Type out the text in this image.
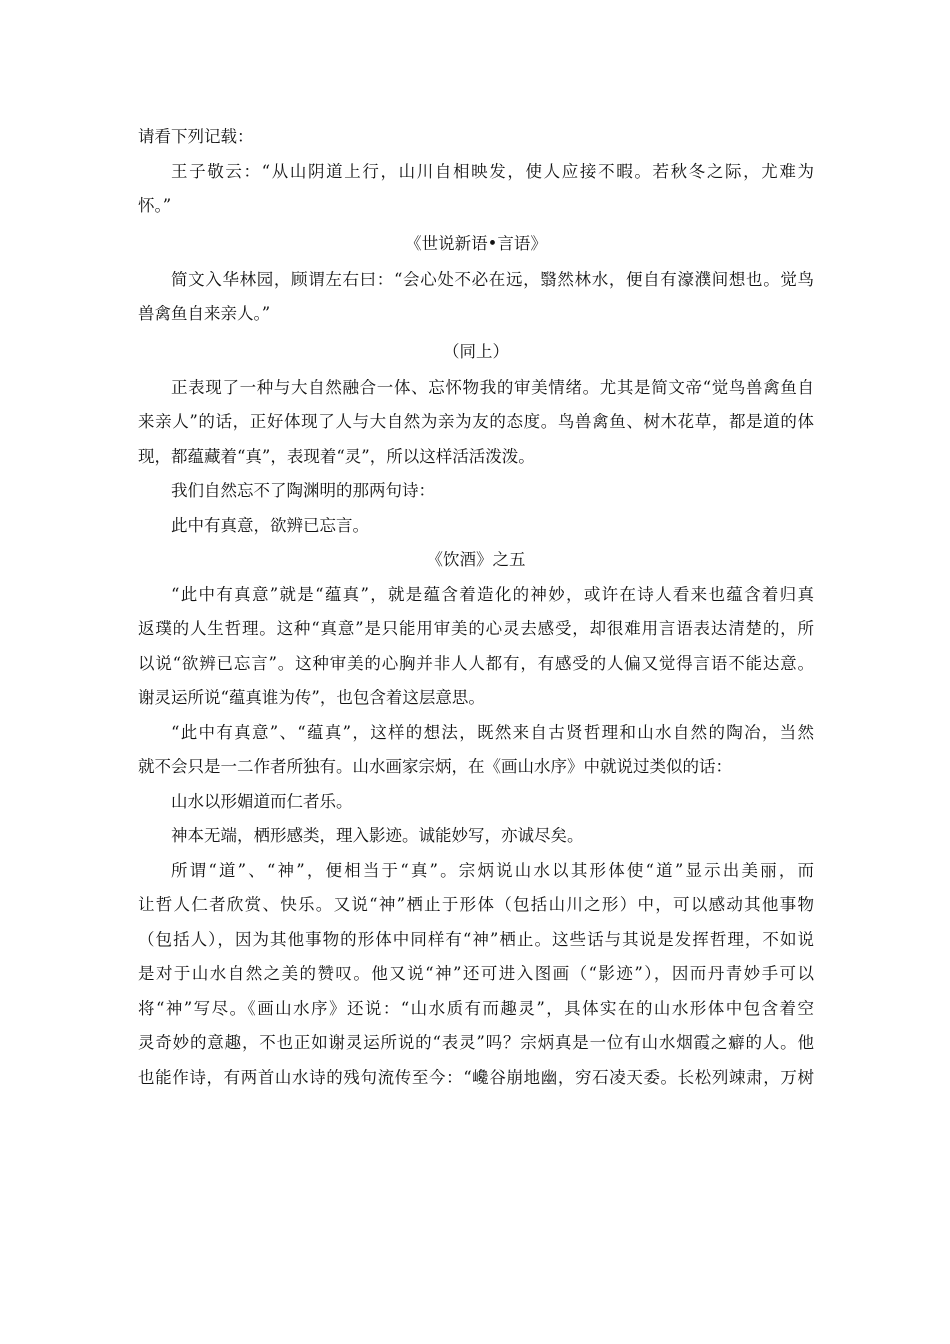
请看下列记载：
王子敬云：“从山阴道上行，山川自相映发，使人应接不暇。若秋冬之际，尤难为
怀。”
《世说新语•言语》
简文入华林园，顾谓左右曰：“会心处不必在远，翳然林水，便自有濠濮间想也。觉鸟
兽禽鱼自来亲人。”
（同上）
正表现了一种与大自然融合一体、忘怀物我的审美情绪。尤其是简文帝“觉鸟兽禽鱼自
来亲人”的话，正好体现了人与大自然为亲为友的态度。鸟兽禽鱼、树木花草，都是道的体
现，都蕴藏着“真”，表现着“灵”，所以这样活活泼泼。
我们自然忘不了陶渊明的那两句诗：
此中有真意，欲辨已忘言。
《饮酒》之五
“此中有真意”就是“蕴真”，就是蕴含着造化的神妙，或许在诗人看来也蕴含着归真
返璞的人生哲理。这种“真意”是只能用审美的心灵去感受，却很难用言语表达清楚的，所
以说“欲辨已忘言”。这种审美的心胸并非人人都有，有感受的人偏又觉得言语不能达意。
谢灵运所说“蕴真谁为传”，也包含着这层意思。
“此中有真意”、“蕴真”，这样的想法，既然来自古贤哲理和山水自然的陶冶，当然
就不会只是一二作者所独有。山水画家宗炳，在《画山水序》中就说过类似的话：
山水以形媚道而仁者乐。
神本无端，栖形感类，理入影迹。诚能妙写，亦诚尽矣。
所谓“道”、“神”，便相当于“真”。宗炳说山水以其形体使“道”显示出美丽，而
让哲人仁者欣赏、快乐。又说“神”栖止于形体（包括山川之形）中，可以感动其他事物
（包括人），因为其他事物的形体中同样有“神”栖止。这些话与其说是发挥哲理，不如说
是对于山水自然之美的赞叹。他又说“神”还可进入图画（“影迹”），因而丹青妙手可以
将“神”写尽。《画山水序》还说：“山水质有而趣灵”，具体实在的山水形体中包含着空
灵奇妙的意趣，不也正如谢灵运所说的“表灵”吗？宗炳真是一位有山水烟霞之癖的人。他
也能作诗，有两首山水诗的残句流传至今：“巉谷崩地幽，穷石凌天委。长松列竦肃，万树
